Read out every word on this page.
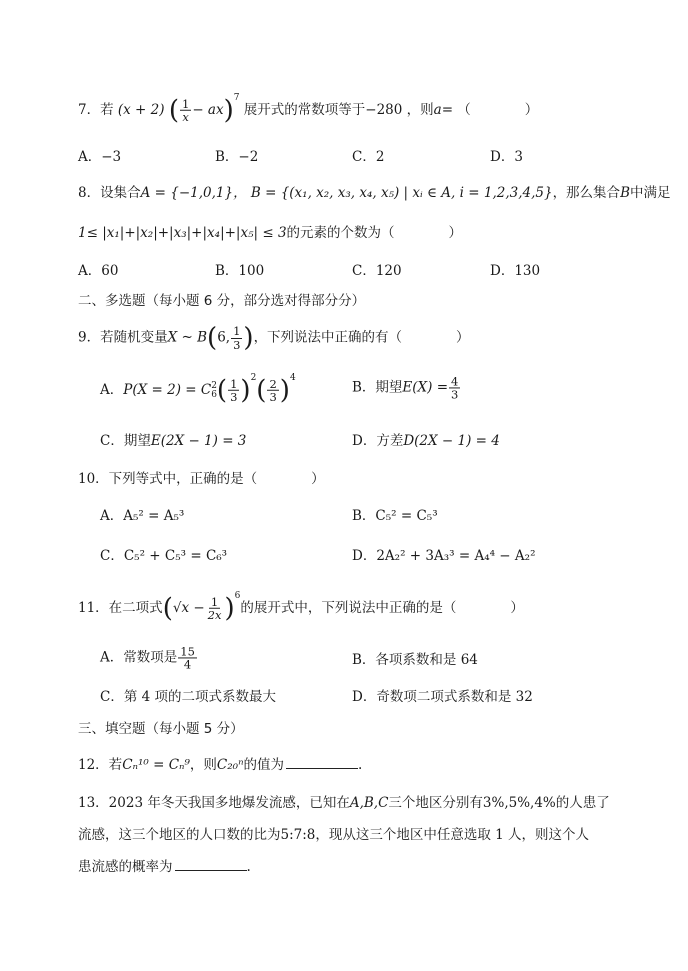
7．若 (x + 2) ( $\frac{1}{x} - ax)^7$ 展开式的常数项等于−280 ，则a= （　　　　）
A．−3	B．−2	C．2	D．3
8．设集合A = {−1,0,1}， B = {(x₁, x₂, x₃, x₄, x₅) | xᵢ ∈ A, i = 1,2,3,4,5}，那么集合B中满足
1≤ |x₁|+|x₂|+|x₃|+|x₄|+|x₅| ≤ 3的元素的个数为（　　　　）
A．60	B．100	C．120	D．130
二、多选题（每小题 6 分，部分选对得部分分）
9．若随机变量X ~ B(6, $\frac{1}{3}$ )，下列说法中正确的有（　　　　）
A．P(X = 2) = C 2
6 ( $\frac{1}{3} )^2( \frac{2}{3} )^4$
B．期望$E(X) = \frac{4}{3}$
C．期望E(2X − 1) = 3	D．方差D(2X − 1) = 4
10．下列等式中，正确的是（　　　　）
A．A₅² = A₅³	B．C₅² = C₅³
C．C₅² + C₅³ = C₆³	D．2A₂² + 3A₃³ = A₄⁴ − A₂²
11．在二项式$(√x - \frac{1}{2x} )^6$的展开式中，下列说法中正确的是（　　　　）
A．常数项是 $\frac{15}{4}$	B．各项系数和是 64
C．第 4 项的二项式系数最大	D．奇数项二项式系数和是 32
三、填空题（每小题 5 分）
12．若Cₙ¹⁰ = Cₙ⁹，则C₂₀ⁿ的值为	.
13．2023 年冬天我国多地爆发流感，已知在A,B,C三个地区分别有3%,5%,4%的人患了
流感，这三个地区的人口数的比为5:7:8，现从这三个地区中任意选取 1 人，则这个人
患流感的概率为	.
